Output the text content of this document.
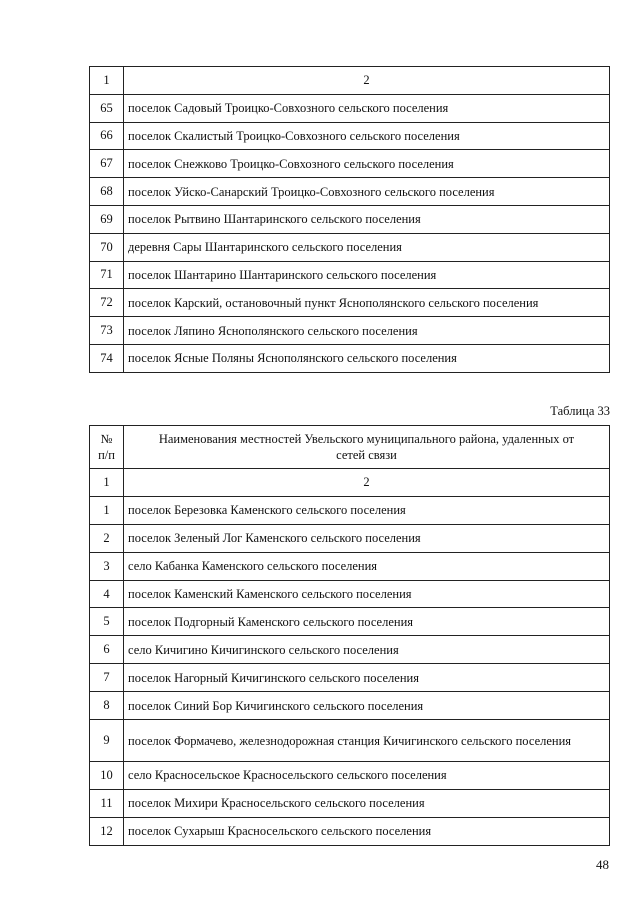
1	2
65	поселок Садовый Троицко-Совхозного сельского поселения
66	поселок Скалистый Троицко-Совхозного сельского поселения
67	поселок Снежково Троицко-Совхозного сельского поселения
68	поселок Уйско-Санарский Троицко-Совхозного сельского поселения
69	поселок Рытвино Шантаринского сельского поселения
70	деревня Сары Шантаринского сельского поселения
71	поселок Шантарино Шантаринского сельского поселения
72	поселок Карский, остановочный пункт Яснополянского сельского поселения
73	поселок Ляпино Яснополянского сельского поселения
74	поселок Ясные Поляны Яснополянского сельского поселения
Таблица 33
№
п/п	Наименования местностей Увельского муниципального района, удаленных от сетей связи
1	2
1	поселок Березовка Каменского сельского поселения
2	поселок Зеленый Лог Каменского сельского поселения
3	село Кабанка Каменского сельского поселения
4	поселок Каменский Каменского сельского поселения
5	поселок Подгорный Каменского сельского поселения
6	село Кичигино Кичигинского сельского поселения
7	поселок Нагорный Кичигинского сельского поселения
8	поселок Синий Бор Кичигинского сельского поселения
9	поселок Формачево, железнодорожная станция Кичигинского сельского поселения
10	село Красносельское Красносельского сельского поселения
11	поселок Михири Красносельского сельского поселения
12	поселок Сухарыш Красносельского сельского поселения
48
